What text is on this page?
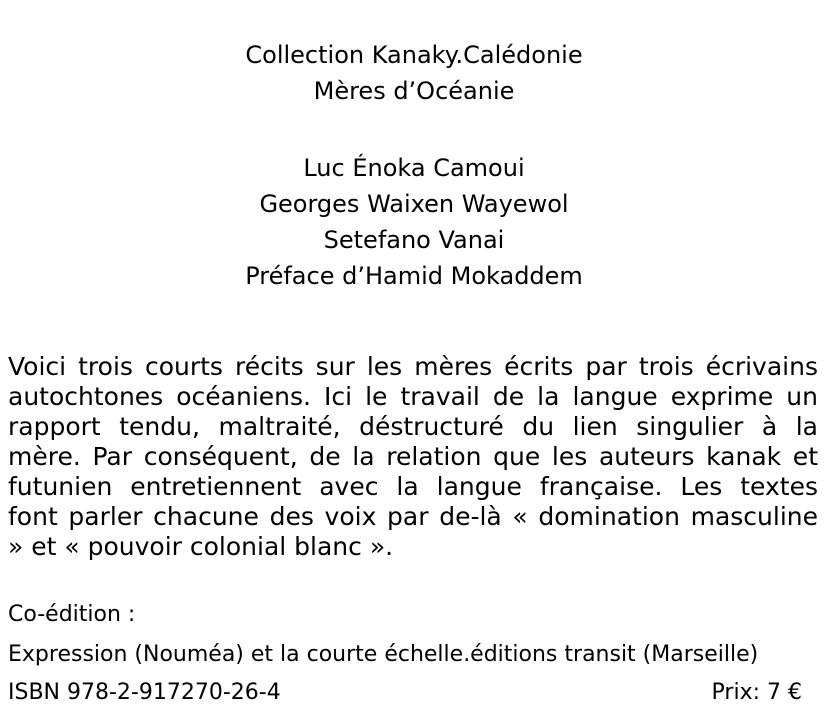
Collection Kanaky.Calédonie
Mères d’Océanie
Luc Énoka Camoui
Georges Waixen Wayewol
Setefano Vanai
Préface d’Hamid Mokaddem
Voici trois courts récits sur les mères écrits par trois écrivains
autochtones océaniens. Ici le travail de la langue exprime un
rapport tendu, maltraité, déstructuré du lien singulier à la
mère. Par conséquent, de la relation que les auteurs kanak et
futunien entretiennent avec la langue française. Les textes
font parler chacune des voix par de-là « domination masculine
» et « pouvoir colonial blanc ».
Co-édition :
Expression (Nouméa) et la courte échelle.éditions transit (Marseille)
ISBN 978-2-917270-26-4	Prix: 7 €
